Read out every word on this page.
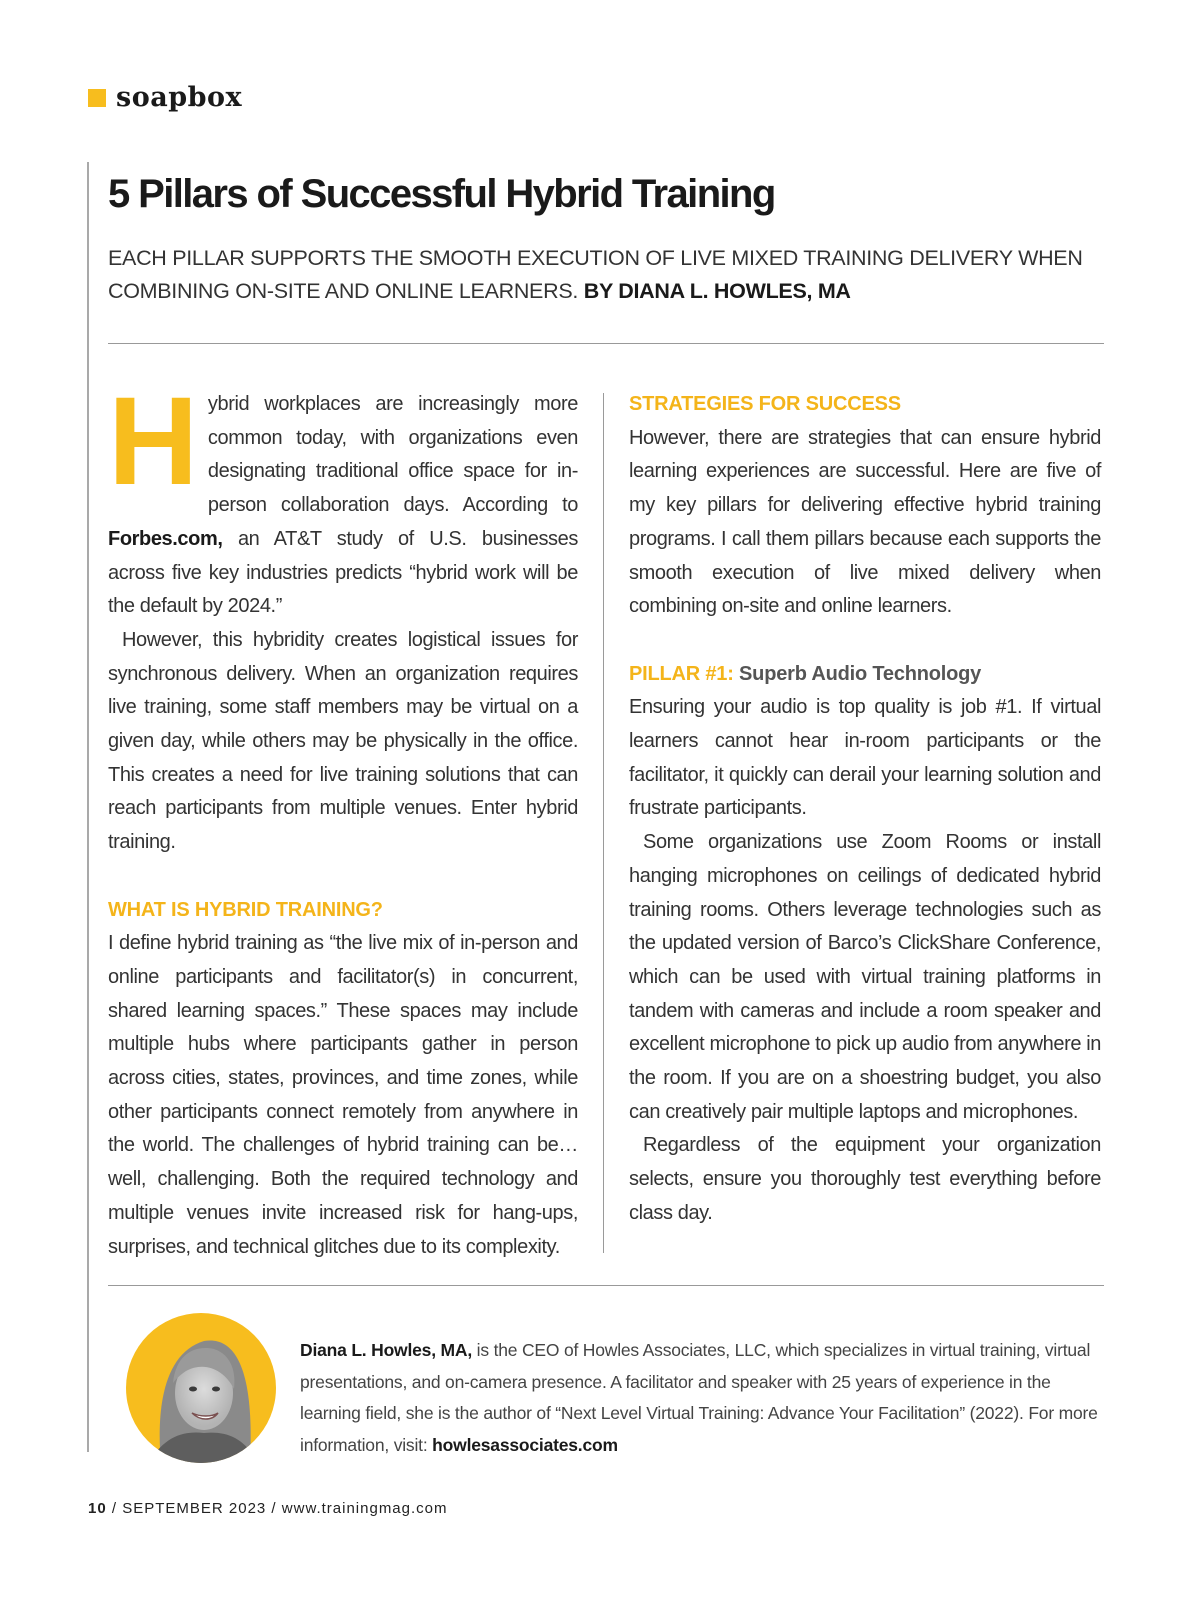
soapbox
5 Pillars of Successful Hybrid Training

EACH PILLAR SUPPORTS THE SMOOTH EXECUTION OF LIVE MIXED TRAINING DELIVERY WHEN COMBINING ON-SITE AND ONLINE LEARNERS. BY DIANA L. HOWLES, MA

Hybrid workplaces are increasingly more common today, with organizations even designating traditional office space for in-person collaboration days. According to Forbes.com, an AT&T study of U.S. businesses across five key industries predicts “hybrid work will be the default by 2024.”

However, this hybridity creates logistical issues for synchronous delivery. When an organization requires live training, some staff members may be virtual on a given day, while others may be physically in the office. This creates a need for live training solutions that can reach participants from multiple venues. Enter hybrid training.

WHAT IS HYBRID TRAINING?

I define hybrid training as “the live mix of in-person and online participants and facilitator(s) in concurrent, shared learning spaces.” These spaces may include multiple hubs where participants gather in person across cities, states, provinces, and time zones, while other participants connect remotely from anywhere in the world. The challenges of hybrid training can be… well, challenging. Both the required technology and multiple venues invite increased risk for hang-ups, surprises, and technical glitches due to its complexity.

STRATEGIES FOR SUCCESS

However, there are strategies that can ensure hybrid learning experiences are successful. Here are five of my key pillars for delivering effective hybrid training programs. I call them pillars because each supports the smooth execution of live mixed delivery when combining on-site and online learners.

PILLAR #1: Superb Audio Technology

Ensuring your audio is top quality is job #1. If virtual learners cannot hear in-room participants or the facilitator, it quickly can derail your learning solution and frustrate participants.

Some organizations use Zoom Rooms or install hanging microphones on ceilings of dedicated hybrid training rooms. Others leverage technologies such as the updated version of Barco’s ClickShare Conference, which can be used with virtual training platforms in tandem with cameras and include a room speaker and excellent microphone to pick up audio from anywhere in the room. If you are on a shoestring budget, you also can creatively pair multiple laptops and microphones.

Regardless of the equipment your organization selects, ensure you thoroughly test everything before class day.

Diana L. Howles, MA, is the CEO of Howles Associates, LLC, which specializes in virtual training, virtual presentations, and on-camera presence. A facilitator and speaker with 25 years of experience in the learning field, she is the author of “Next Level Virtual Training: Advance Your Facilitation” (2022). For more information, visit: howlesassociates.com

10 / SEPTEMBER 2023 / www.trainingmag.com
